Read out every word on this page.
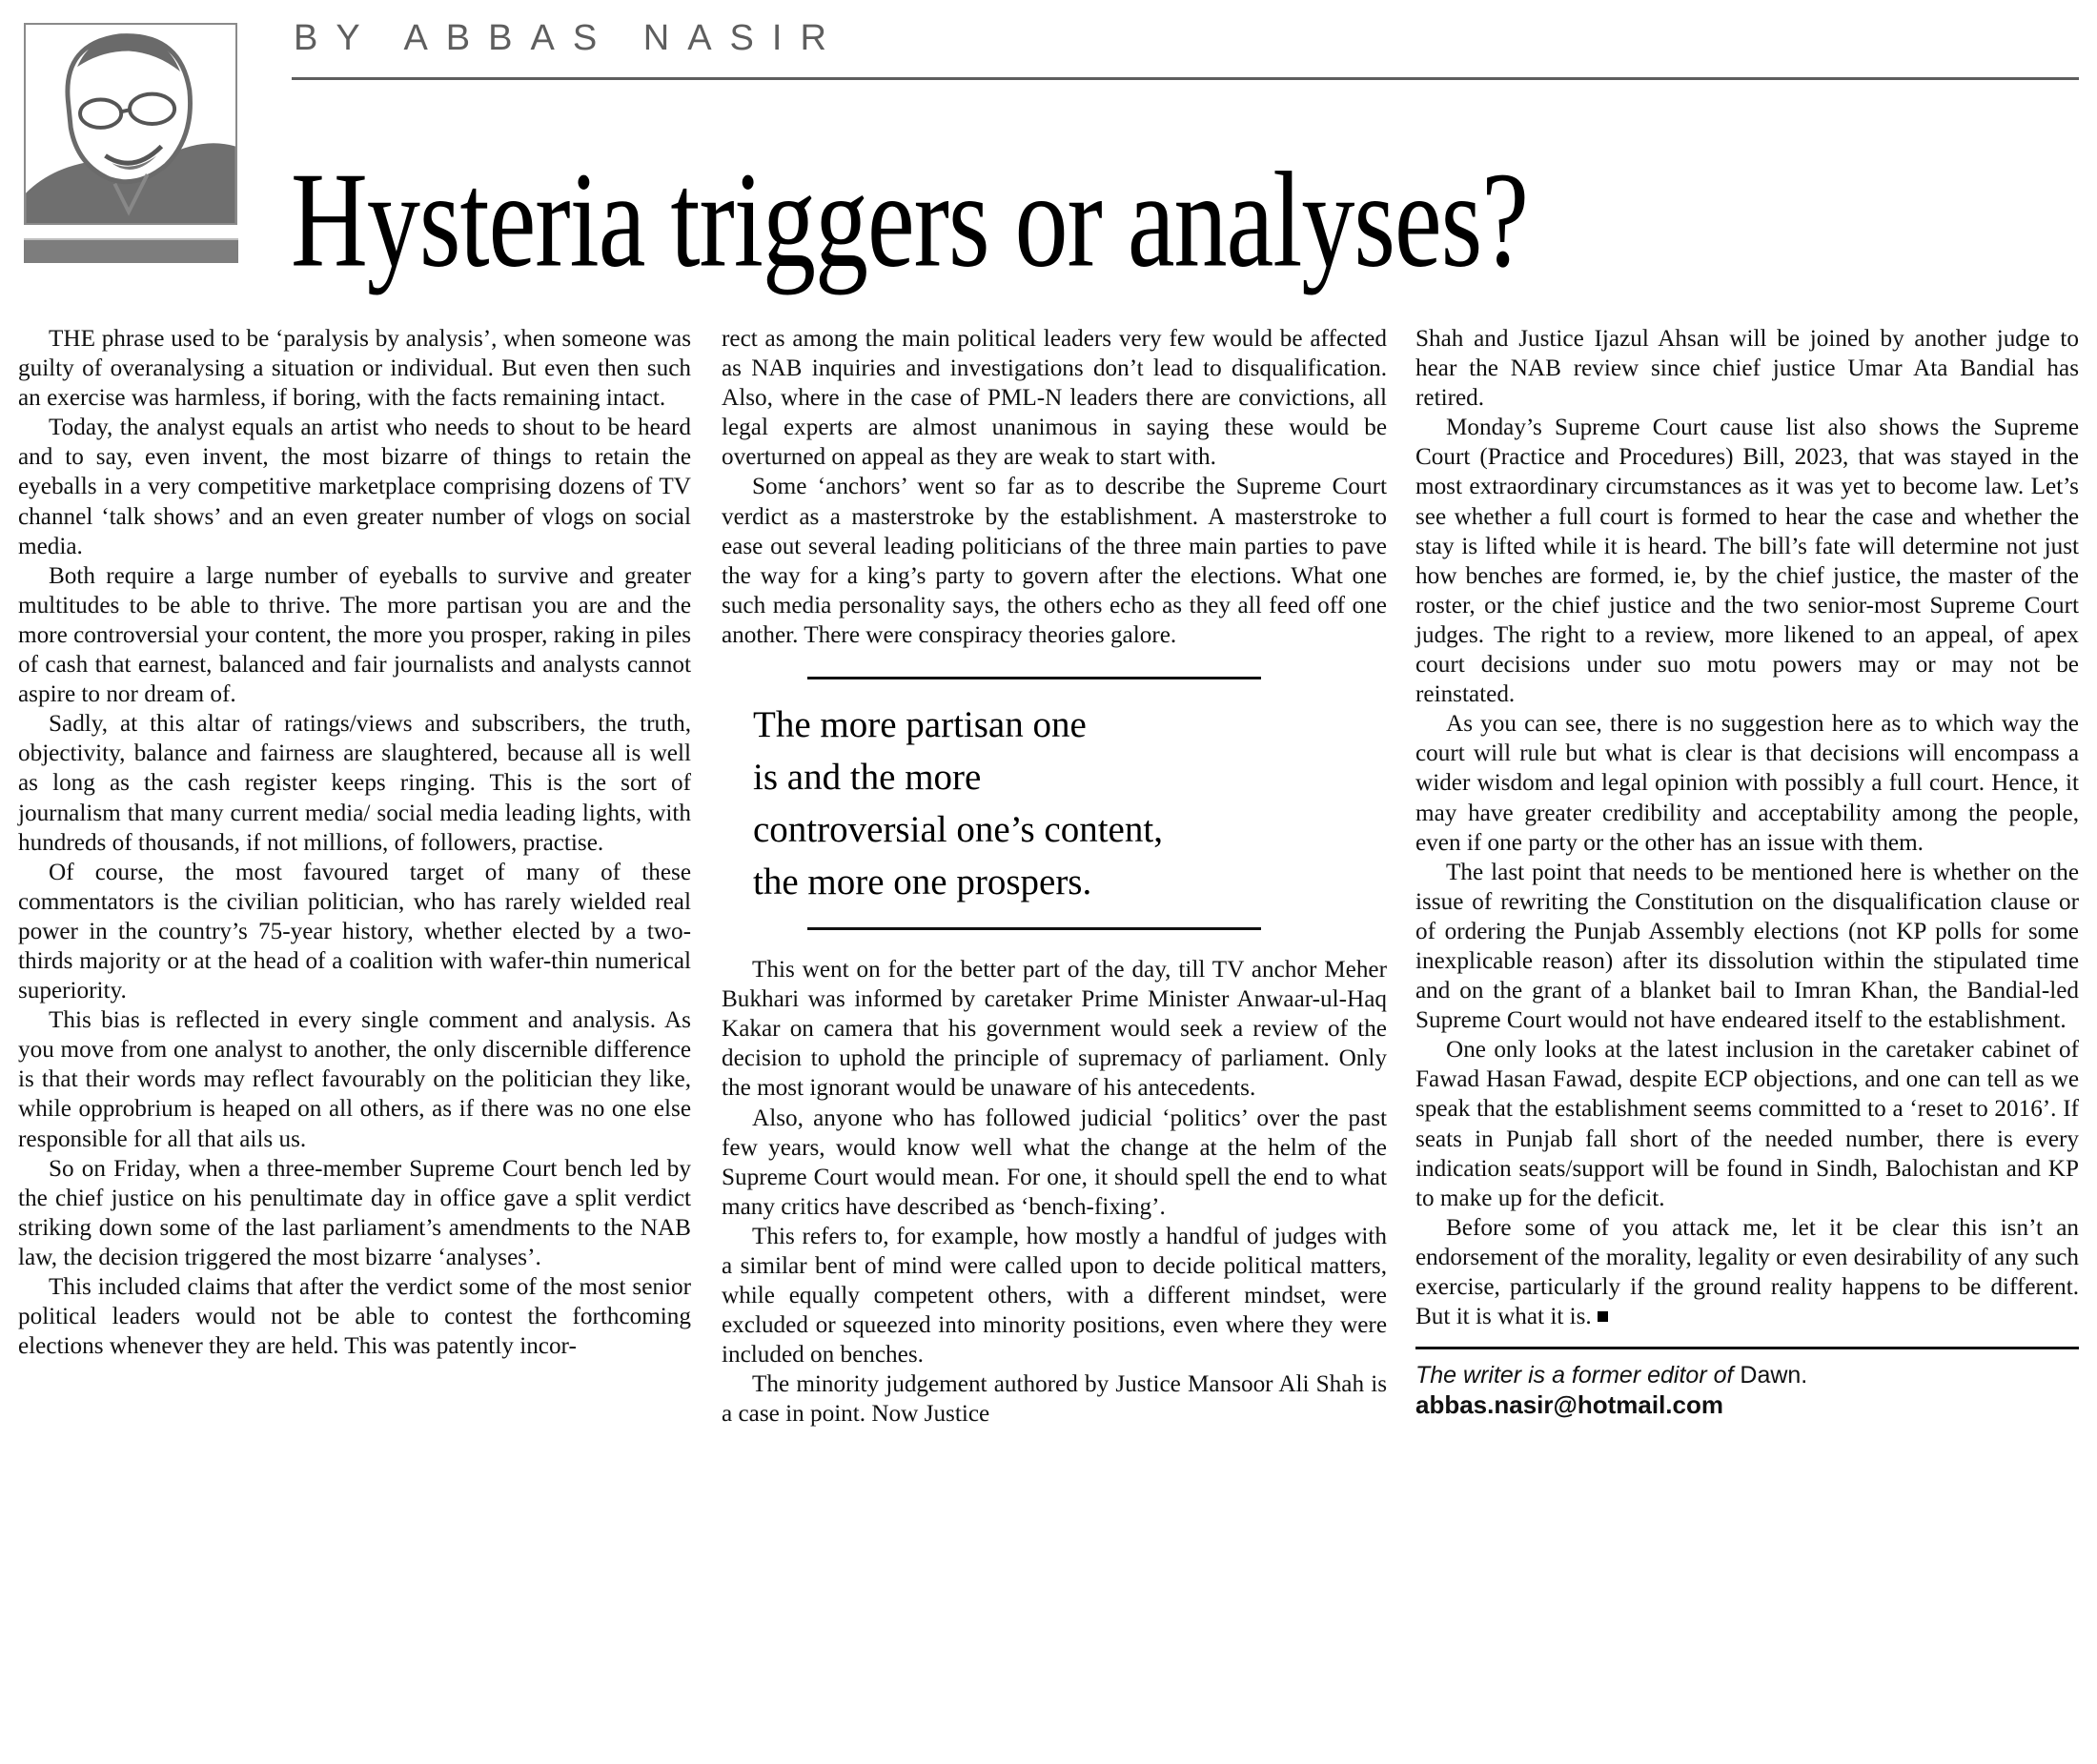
BY ABBAS NASIR
Hysteria triggers or analyses?

THE phrase used to be ‘paralysis by analysis’, when someone was guilty of overanalysing a situation or individual. But even then such an exercise was harmless, if boring, with the facts remaining intact.

Today, the analyst equals an artist who needs to shout to be heard and to say, even invent, the most bizarre of things to retain the eyeballs in a very competitive marketplace comprising dozens of TV channel ‘talk shows’ and an even greater number of vlogs on social media.

Both require a large number of eyeballs to survive and greater multitudes to be able to thrive. The more partisan you are and the more controversial your content, the more you prosper, raking in piles of cash that earnest, balanced and fair journalists and analysts cannot aspire to nor dream of.

Sadly, at this altar of ratings/views and subscribers, the truth, objectivity, balance and fairness are slaughtered, because all is well as long as the cash register keeps ringing. This is the sort of journalism that many current media/ social media leading lights, with hundreds of thousands, if not millions, of followers, practise.

Of course, the most favoured target of many of these commentators is the civilian politician, who has rarely wielded real power in the country’s 75-year history, whether elected by a two-thirds majority or at the head of a coalition with wafer-thin numerical superiority.

This bias is reflected in every single comment and analysis. As you move from one analyst to another, the only discernible difference is that their words may reflect favourably on the politician they like, while opprobrium is heaped on all others, as if there was no one else responsible for all that ails us.

So on Friday, when a three-member Supreme Court bench led by the chief justice on his penultimate day in office gave a split verdict striking down some of the last parliament’s amendments to the NAB law, the decision triggered the most bizarre ‘analyses’.

This included claims that after the verdict some of the most senior political leaders would not be able to contest the forthcoming elections whenever they are held. This was patently incor-

rect as among the main political leaders very few would be affected as NAB inquiries and investigations don’t lead to disqualification. Also, where in the case of PML-N leaders there are convictions, all legal experts are almost unanimous in saying these would be overturned on appeal as they are weak to start with.

Some ‘anchors’ went so far as to describe the Supreme Court verdict as a masterstroke by the establishment. A masterstroke to ease out several leading politicians of the three main parties to pave the way for a king’s party to govern after the elections. What one such media personality says, the others echo as they all feed off one another. There were conspiracy theories galore.

The more partisan one
is and the more
controversial one’s content,
the more one prospers.

This went on for the better part of the day, till TV anchor Meher Bukhari was informed by caretaker Prime Minister Anwaar-ul-Haq Kakar on camera that his government would seek a review of the decision to uphold the principle of supremacy of parliament. Only the most ignorant would be unaware of his antecedents.

Also, anyone who has followed judicial ‘politics’ over the past few years, would know well what the change at the helm of the Supreme Court would mean. For one, it should spell the end to what many critics have described as ‘bench-fixing’.

This refers to, for example, how mostly a handful of judges with a similar bent of mind were called upon to decide political matters, while equally competent others, with a different mindset, were excluded or squeezed into minority positions, even where they were included on benches.

The minority judgement authored by Justice Mansoor Ali Shah is a case in point. Now Justice

Shah and Justice Ijazul Ahsan will be joined by another judge to hear the NAB review since chief justice Umar Ata Bandial has retired.

Monday’s Supreme Court cause list also shows the Supreme Court (Practice and Procedures) Bill, 2023, that was stayed in the most extraordinary circumstances as it was yet to become law. Let’s see whether a full court is formed to hear the case and whether the stay is lifted while it is heard. The bill’s fate will determine not just how benches are formed, ie, by the chief justice, the master of the roster, or the chief justice and the two senior-most Supreme Court judges. The right to a review, more likened to an appeal, of apex court decisions under suo motu powers may or may not be reinstated.

As you can see, there is no suggestion here as to which way the court will rule but what is clear is that decisions will encompass a wider wisdom and legal opinion with possibly a full court. Hence, it may have greater credibility and acceptability among the people, even if one party or the other has an issue with them.

The last point that needs to be mentioned here is whether on the issue of rewriting the Constitution on the disqualification clause or of ordering the Punjab Assembly elections (not KP polls for some inexplicable reason) after its dissolution within the stipulated time and on the grant of a blanket bail to Imran Khan, the Bandial-led Supreme Court would not have endeared itself to the establishment.

One only looks at the latest inclusion in the caretaker cabinet of Fawad Hasan Fawad, despite ECP objections, and one can tell as we speak that the establishment seems committed to a ‘reset to 2016’. If seats in Punjab fall short of the needed number, there is every indication seats/support will be found in Sindh, Balochistan and KP to make up for the deficit.

Before some of you attack me, let it be clear this isn’t an endorsement of the morality, legality or even desirability of any such exercise, particularly if the ground reality happens to be different. But it is what it is.

The writer is a former editor of Dawn.
abbas.nasir@hotmail.com
